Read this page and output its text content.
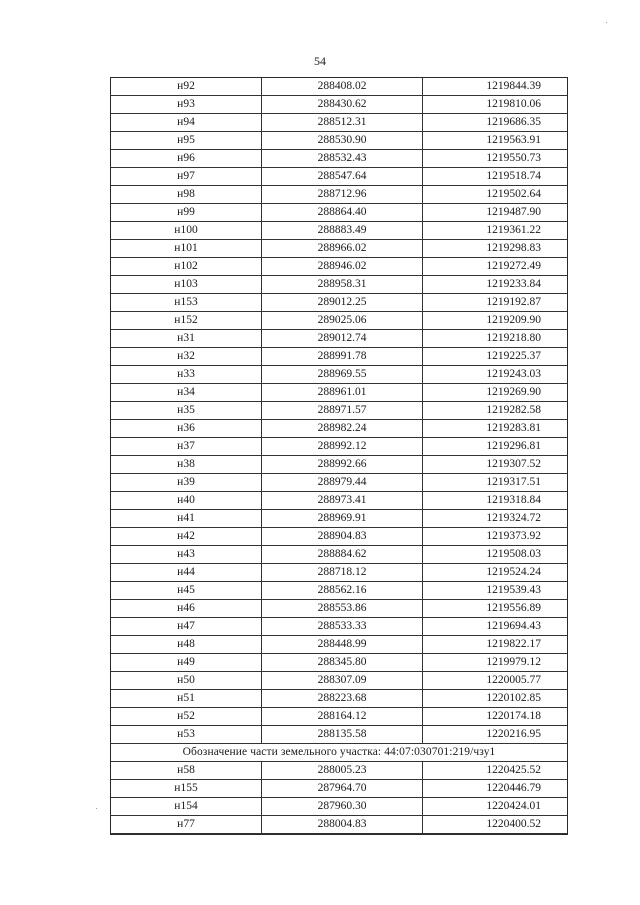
54
н92	288408.02	1219844.39
н93	288430.62	1219810.06
н94	288512.31	1219686.35
н95	288530.90	1219563.91
н96	288532.43	1219550.73
н97	288547.64	1219518.74
н98	288712.96	1219502.64
н99	288864.40	1219487.90
н100	288883.49	1219361.22
н101	288966.02	1219298.83
н102	288946.02	1219272.49
н103	288958.31	1219233.84
н153	289012.25	1219192.87
н152	289025.06	1219209.90
н31	289012.74	1219218.80
н32	288991.78	1219225.37
н33	288969.55	1219243.03
н34	288961.01	1219269.90
н35	288971.57	1219282.58
н36	288982.24	1219283.81
н37	288992.12	1219296.81
н38	288992.66	1219307.52
н39	288979.44	1219317.51
н40	288973.41	1219318.84
н41	288969.91	1219324.72
н42	288904.83	1219373.92
н43	288884.62	1219508.03
н44	288718.12	1219524.24
н45	288562.16	1219539.43
н46	288553.86	1219556.89
н47	288533.33	1219694.43
н48	288448.99	1219822.17
н49	288345.80	1219979.12
н50	288307.09	1220005.77
н51	288223.68	1220102.85
н52	288164.12	1220174.18
н53	288135.58	1220216.95
Обозначение части земельного участка: 44:07:030701:219/чзу1		
н58	288005.23	1220425.52
н155	287964.70	1220446.79
н154	287960.30	1220424.01
н77	288004.83	1220400.52
